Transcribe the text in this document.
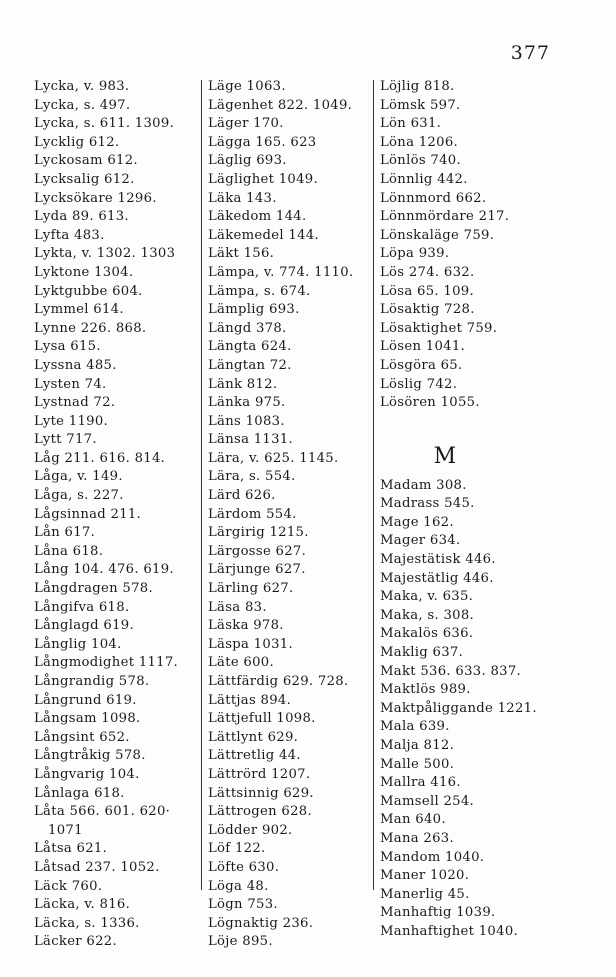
377
Lycka, v. 983.
Lycka, s. 497.
Lycka, s. 611. 1309.
Lycklig 612.
Lyckosam 612.
Lycksalig 612.
Lycksökare 1296.
Lyda 89. 613.
Lyfta 483.
Lykta, v. 1302. 1303
Lyktone 1304.
Lyktgubbe 604.
Lymmel 614.
Lynne 226. 868.
Lysa 615.
Lyssna 485.
Lysten 74.
Lystnad 72.
Lyte 1190.
Lytt 717.
Låg 211. 616. 814.
Låga, v. 149.
Låga, s. 227.
Lågsinnad 211.
Lån 617.
Låna 618.
Lång 104. 476. 619.
Långdragen 578.
Långifva 618.
Långlagd 619.
Långlig 104.
Långmodighet 1117.
Långrandig 578.
Långrund 619.
Långsam 1098.
Långsint 652.
Långtråkig 578.
Långvarig 104.
Lånlaga 618.
Låta 566. 601. 620·
1071
Låtsa 621.
Låtsad 237. 1052.
Läck 760.
Läcka, v. 816.
Läcka, s. 1336.
Läcker 622.
Läge 1063.
Lägenhet 822. 1049.
Läger 170.
Lägga 165. 623
Läglig 693.
Läglighet 1049.
Läka 143.
Läkedom 144.
Läkemedel 144.
Läkt 156.
Lämpa, v. 774. 1110.
Lämpa, s. 674.
Lämplig 693.
Längd 378.
Längta 624.
Längtan 72.
Länk 812.
Länka 975.
Läns 1083.
Länsa 1131.
Lära, v. 625. 1145.
Lära, s. 554.
Lärd 626.
Lärdom 554.
Lärgirig 1215.
Lärgosse 627.
Lärjunge 627.
Lärling 627.
Läsa 83.
Läska 978.
Läspa 1031.
Läte 600.
Lättfärdig 629. 728.
Lättjas 894.
Lättjefull 1098.
Lättlynt 629.
Lättretlig 44.
Lättrörd 1207.
Lättsinnig 629.
Lättrogen 628.
Lödder 902.
Löf 122.
Löfte 630.
Löga 48.
Lögn 753.
Lögnaktig 236.
Löje 895.
Löjlig 818.
Lömsk 597.
Lön 631.
Löna 1206.
Lönlös 740.
Lönnlig 442.
Lönnmord 662.
Lönnmördare 217.
Lönskaläge 759.
Löpa 939.
Lös 274. 632.
Lösa 65. 109.
Lösaktig 728.
Lösaktighet 759.
Lösen 1041.
Lösgöra 65.
Löslig 742.
Lösören 1055.
M
Madam 308.
Madrass 545.
Mage 162.
Mager 634.
Majestätisk 446.
Majestätlig 446.
Maka, v. 635.
Maka, s. 308.
Makalös 636.
Maklig 637.
Makt 536. 633. 837.
Maktlös 989.
Maktpåliggande 1221.
Mala 639.
Malja 812.
Malle 500.
Mallra 416.
Mamsell 254.
Man 640.
Mana 263.
Mandom 1040.
Maner 1020.
Manerlig 45.
Manhaftig 1039.
Manhaftighet 1040.
